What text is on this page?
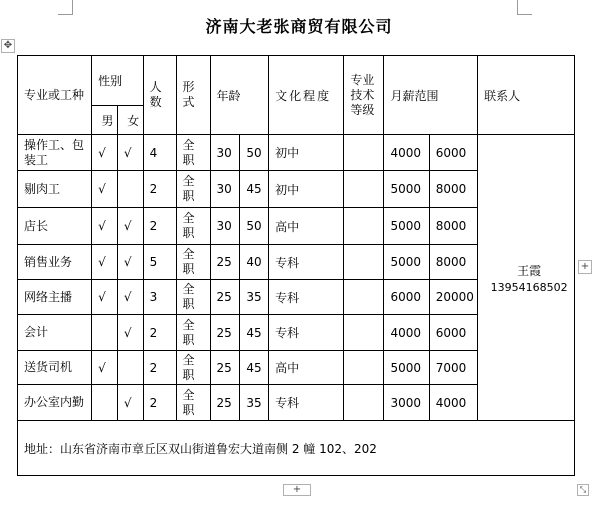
✥
济南大老张商贸有限公司
专业或工种	性别		人数	形式	年龄		文化程度	专业技术等级	月薪范围		联系人
	男	女									
操作工、包装工	√	√	4	全职	30	50	初中		4000	6000	王霞
13954168502

剔肉工	√		2	全职	30	45	初中		5000	8000	
店长	√	√	2	全职	30	50	高中		5000	8000	
销售业务	√	√	5	全职	25	40	专科		5000	8000	
网络主播	√	√	3	全职	25	35	专科		6000	20000	
会计		√	2	全职	25	45	专科		4000	6000	
送货司机	√		2	全职	25	45	高中		5000	7000	
办公室内勤		√	2	全职	25	35	专科		3000	4000	
地址：山东省济南市章丘区双山街道鲁宏大道南侧 2 幢 102、202											
+
+	⤡
